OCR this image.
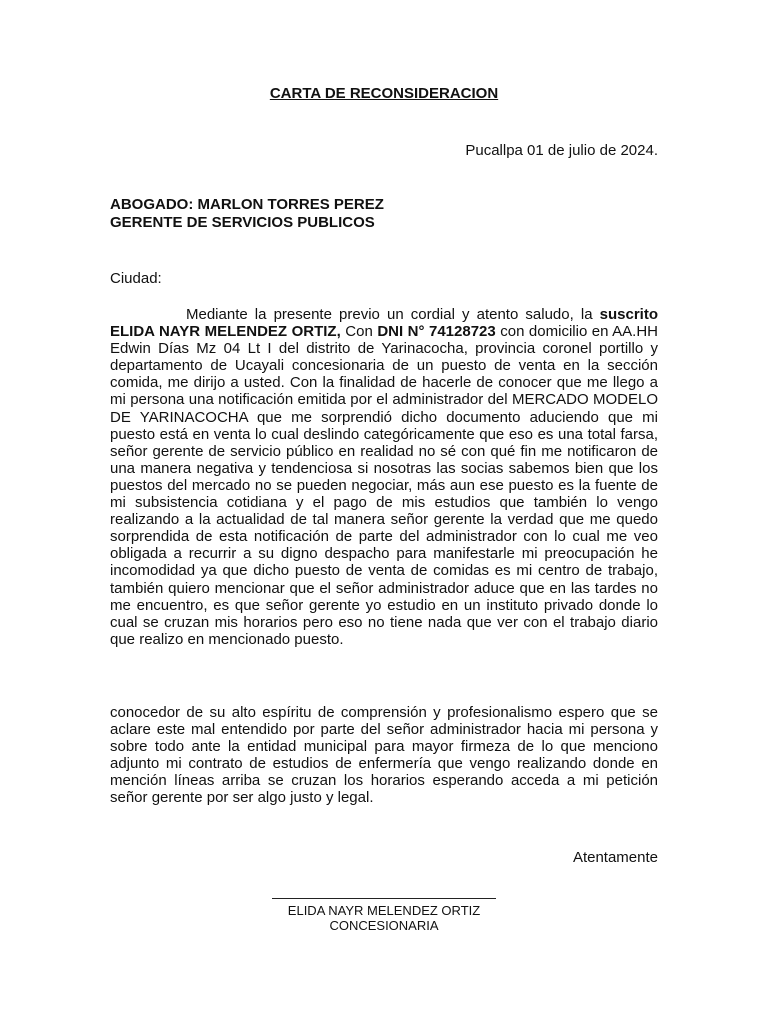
CARTA DE RECONSIDERACION
Pucallpa 01 de julio de 2024.
ABOGADO: MARLON TORRES PEREZ
GERENTE DE SERVICIOS PUBLICOS
Ciudad:
Mediante la presente previo un cordial y atento saludo, la suscrito ELIDA NAYR MELENDEZ ORTIZ, Con DNI N° 74128723 con domicilio en AA.HH Edwin Días Mz 04 Lt I del distrito de Yarinacocha, provincia coronel portillo y departamento de Ucayali concesionaria de un puesto de venta en la sección comida, me dirijo a usted. Con la finalidad de hacerle de conocer que me llego a mi persona una notificación emitida por el administrador del MERCADO MODELO DE YARINACOCHA que me sorprendió dicho documento aduciendo que mi puesto está en venta lo cual deslindo categóricamente que eso es una total farsa, señor gerente de servicio público en realidad no sé con qué fin me notificaron de una manera negativa y tendenciosa si nosotras las socias sabemos bien que los puestos del mercado no se pueden negociar, más aun ese puesto es la fuente de mi subsistencia cotidiana y el pago de mis estudios que también lo vengo realizando a la actualidad de tal manera señor gerente la verdad que me quedo sorprendida de esta notificación de parte del administrador con lo cual me veo obligada a recurrir a su digno despacho para manifestarle mi preocupación he incomodidad ya que dicho puesto de venta de comidas es mi centro de trabajo, también quiero mencionar que el señor administrador aduce que en las tardes no me encuentro, es que señor gerente yo estudio en un instituto privado donde lo cual se cruzan mis horarios pero eso no tiene nada que ver con el trabajo diario que realizo en mencionado puesto.
conocedor de su alto espíritu de comprensión y profesionalismo espero que se aclare este mal entendido por parte del señor administrador hacia mi persona y sobre todo ante la entidad municipal para mayor firmeza de lo que menciono adjunto mi contrato de estudios de enfermería que vengo realizando donde en mención líneas arriba se cruzan los horarios esperando acceda a mi petición señor gerente por ser algo justo y legal.
Atentamente
ELIDA NAYR MELENDEZ ORTIZ
CONCESIONARIA
